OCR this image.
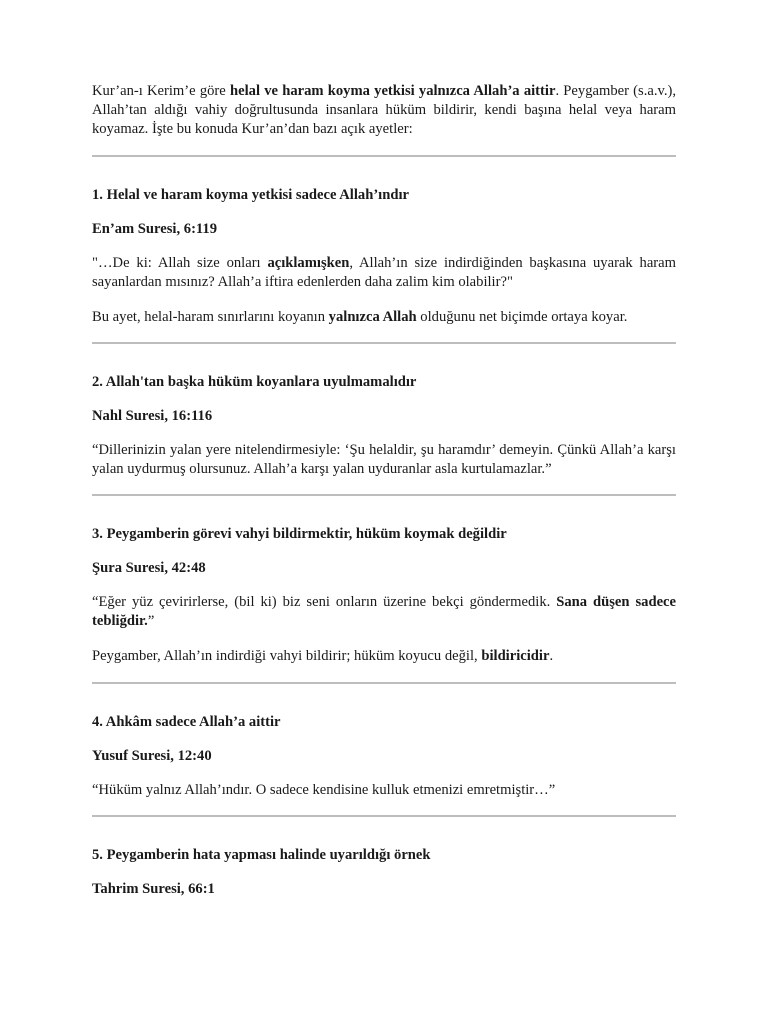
Kur’an-ı Kerim’e göre helal ve haram koyma yetkisi yalnızca Allah’a aittir. Peygamber (s.a.v.), Allah’tan aldığı vahiy doğrultusunda insanlara hüküm bildirir, kendi başına helal veya haram koyamaz. İşte bu konuda Kur’an’dan bazı açık ayetler:

1. Helal ve haram koyma yetkisi sadece Allah’ındır

En’am Suresi, 6:119

"…De ki: Allah size onları açıklamışken, Allah’ın size indirdiğinden başkasına uyarak haram sayanlardan mısınız? Allah’a iftira edenlerden daha zalim kim olabilir?"

Bu ayet, helal-haram sınırlarını koyanın yalnızca Allah olduğunu net biçimde ortaya koyar.

2. Allah'tan başka hüküm koyanlara uyulmamalıdır

Nahl Suresi, 16:116

“Dillerinizin yalan yere nitelendirmesiyle: ‘Şu helaldir, şu haramdır’ demeyin. Çünkü Allah’a karşı yalan uydurmuş olursunuz. Allah’a karşı yalan uyduranlar asla kurtulamazlar.”

3. Peygamberin görevi vahyi bildirmektir, hüküm koymak değildir

Şura Suresi, 42:48

“Eğer yüz çevirirlerse, (bil ki) biz seni onların üzerine bekçi göndermedik. Sana düşen sadece tebliğdir.”

Peygamber, Allah’ın indirdiği vahyi bildirir; hüküm koyucu değil, bildiricidir.

4. Ahkâm sadece Allah’a aittir

Yusuf Suresi, 12:40

“Hüküm yalnız Allah’ındır. O sadece kendisine kulluk etmenizi emretmiştir…”

5. Peygamberin hata yapması halinde uyarıldığı örnek

Tahrim Suresi, 66:1
